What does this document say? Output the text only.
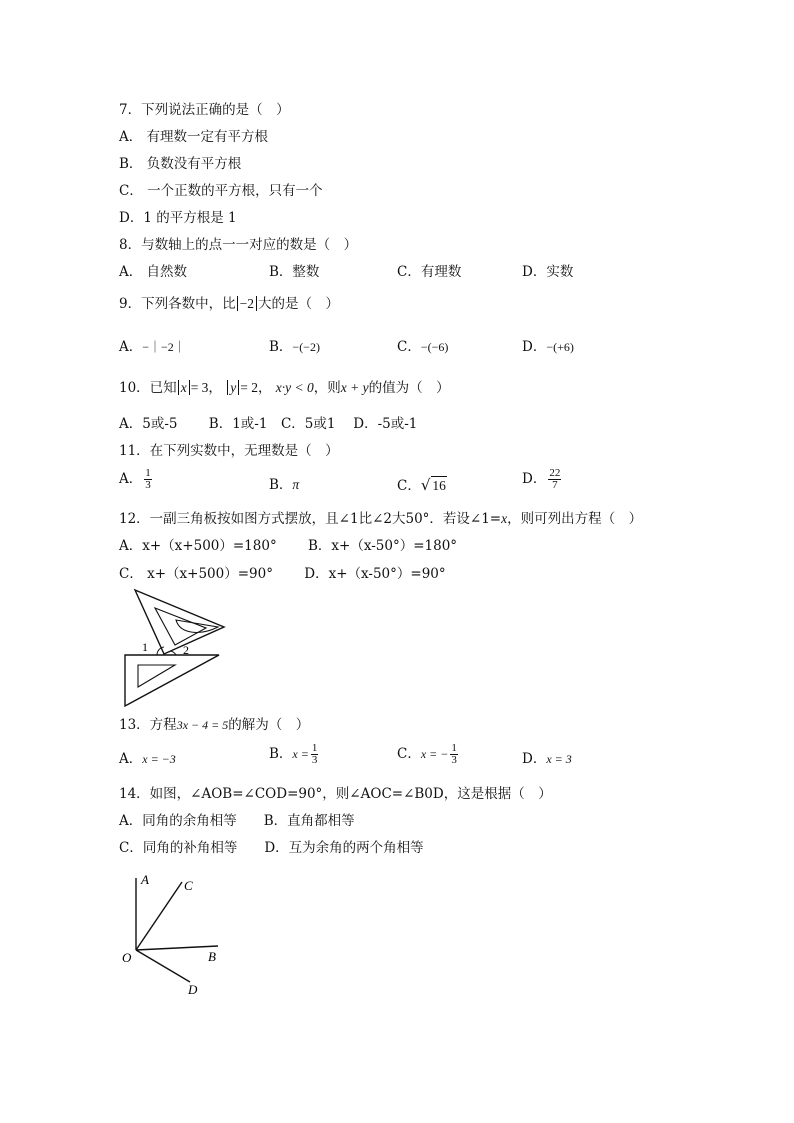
7．下列说法正确的是（　）
A． 有理数一定有平方根
B． 负数没有平方根
C． 一个正数的平方根，只有一个
D．1 的平方根是 1
8．与数轴上的点一一对应的数是（　）
A． 自然数	B．整数	C．有理数	D．实数
9．下列各数中，比 −2 大的是（　）
A．−｜−2｜	B．−(−2)	C．−(−6)	D．−(+6)
10．已知 x = 3， y = 2， x·y < 0，则x + y的值为（　）
A．5或-5　　 B．1或-1　C．5或1　 D．-5或-1
11．在下列实数中，无理数是（　）
A． $\frac{1}{3}$	B．π	C．√ 16	D． $\frac{22}{7}$
12．一副三角板按如图方式摆放，且∠1比∠2大50°．若设∠1=x，则可列出方程（　）
A．x+（x+500）=180°　　 B．x+（x-50°）=180°
C． x+（x+500）=90°　　 D．x+（x-50°）=90°
1	2
13．方程3x − 4 = 5的解为（　）
A．x = −3	B．$x = \frac{1}{3}$	C．x = − $\frac{1}{3}$	D．x = 3
14．如图，∠AOB=∠COD=90°，则∠AOC=∠B0D，这是根据（　）
A．同角的余角相等　　B．直角都相等
C．同角的补角相等　　D．互为余角的两个角相等
A	C
O	B
D
